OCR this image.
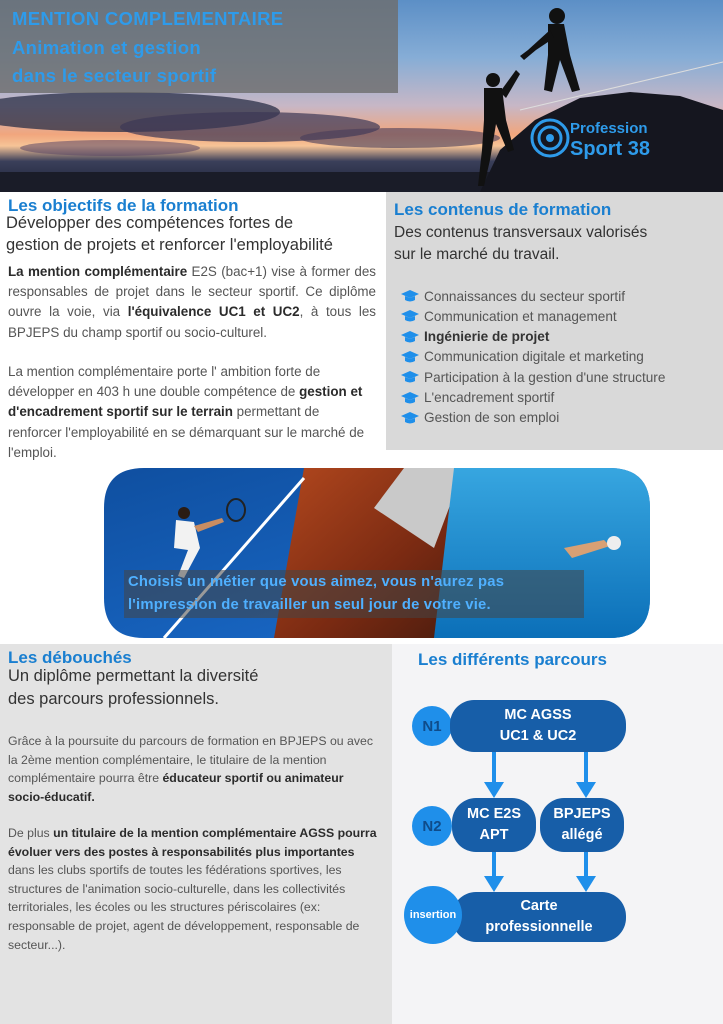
Profession
Sport 38
MENTION COMPLEMENTAIRE
Animation et gestion
dans le secteur sportif
Les objectifs de la formation
Développer des compétences fortes de
gestion de projets et renforcer l'employabilité
La mention complémentaire E2S (bac+1) vise à former des responsables de projet dans le secteur sportif. Ce diplôme ouvre la voie, via l'équivalence UC1 et UC2, à tous les BPJEPS du champ sportif ou socio-culturel.
La mention complémentaire porte l' ambition forte de développer en 403 h une double compétence de gestion et d'encadrement sportif sur le terrain permettant de renforcer l'employabilité en se démarquant sur le marché de l'emploi.
Les contenus de formation
Des contenus transversaux valorisés
sur le marché du travail.
Connaissances du secteur sportif
Communication et management
Ingénierie de projet
Communication digitale et marketing
Participation à la gestion d'une structure
L'encadrement sportif
Gestion de son emploi
Choisis un métier que vous aimez, vous n'aurez pas
l'impression de travailler un seul jour de votre vie.
Les débouchés
Un diplôme permettant la diversité
des parcours professionnels.
Grâce à la poursuite du parcours de formation en BPJEPS ou avec la 2ème mention complémentaire, le titulaire de la mention complémentaire pourra être éducateur sportif ou animateur socio-éducatif.
De plus un titulaire de la mention complémentaire AGSS pourra évoluer vers des postes à responsabilités plus importantes dans les clubs sportifs de toutes les fédérations sportives, les structures de l'animation socio-culturelle, dans les collectivités territoriales, les écoles ou les structures périscolaires (ex: responsable de projet, agent de développement, responsable de secteur...).
Les différents parcours
N1
MC AGSS
UC1 & UC2
N2
MC E2S
APT
BPJEPS
allégé
Carte
professionnelle
insertion
